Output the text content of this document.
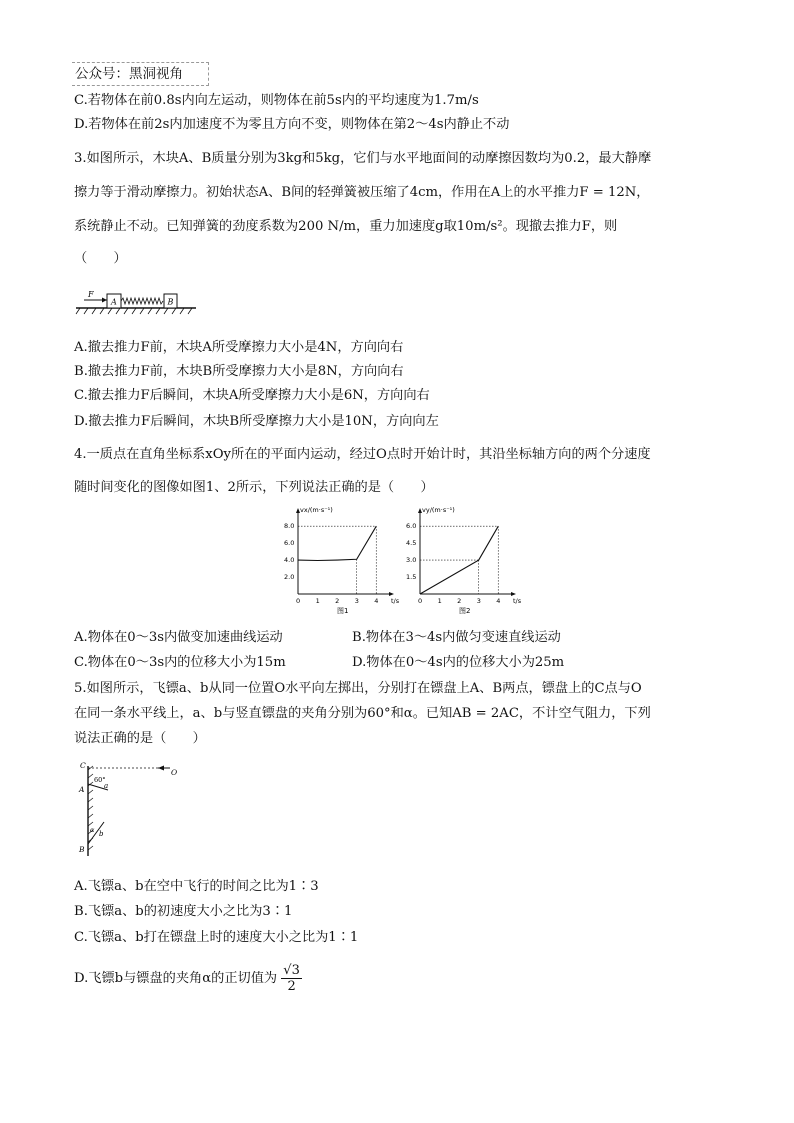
公众号：黑洞视角
C.若物体在前0.8s内向左运动，则物体在前5s内的平均速度为1.7m/s
D.若物体在前2s内加速度不为零且方向不变，则物体在第2～4s内静止不动
3.如图所示，木块A、B质量分别为3kg和5kg，它们与水平地面间的动摩擦因数均为0.2，最大静摩
擦力等于滑动摩擦力。初始状态A、B间的轻弹簧被压缩了4cm，作用在A上的水平推力F = 12N，
系统静止不动。已知弹簧的劲度系数为200 N/m，重力加速度g取10m/s²。现撤去推力F，则
（　　）
F
A	B
A.撤去推力F前，木块A所受摩擦力大小是4N，方向向右
B.撤去推力F前，木块B所受摩擦力大小是8N，方向向右
C.撤去推力F后瞬间，木块A所受摩擦力大小是6N，方向向右
D.撤去推力F后瞬间，木块B所受摩擦力大小是10N，方向向左
4.一质点在直角坐标系xOy所在的平面内运动，经过O点时开始计时，其沿坐标轴方向的两个分速度
随时间变化的图像如图1、2所示，下列说法正确的是（　　）
0 1 2 3 4
2.0
4.0
6.0
8.0
vx/(m·s⁻¹)
t/s
图1
0 1 2 3 4
1.5
3.0
4.5
6.0
vy/(m·s⁻¹)
t/s
图2
A.物体在0～3s内做变加速曲线运动	B.物体在3～4s内做匀变速直线运动
C.物体在0～3s内的位移大小为15m	D.物体在0～4s内的位移大小为25m
5.如图所示，飞镖a、b从同一位置O水平向左掷出，分别打在镖盘上A、B两点，镖盘上的C点与O
在同一条水平线上，a、b与竖直镖盘的夹角分别为60°和α。已知AB = 2AC，不计空气阻力，下列
说法正确的是（　　）
C
O
A
60°
a
α b
B
A.飞镖a、b在空中飞行的时间之比为1∶3
B.飞镖a、b的初速度大小之比为3∶1
C.飞镖a、b打在镖盘上时的速度大小之比为1∶1
D.飞镖b与镖盘的夹角α的正切值为 $\frac{√3}{2}$
